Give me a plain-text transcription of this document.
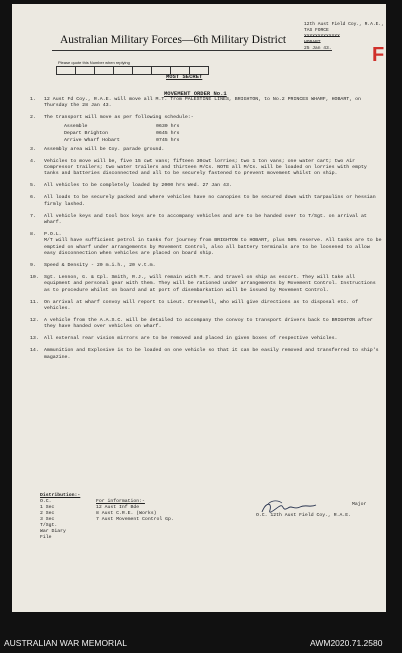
Australian Military Forces—6th Military District
Please quote this Number when replying
12th Aust Field Coy., R.A.E.,
TAS FORCE
XXXXXXXXXXXXX
HOBART
25 Jan 43.	F
MOST SECRET
MOVEMENT ORDER No.1
1.	12 Aust Fd Coy., R.A.E. will move all M.T. from PALESTINE LINES, BRIGHTON, to No.2 PRINCES WHARF, HOBART, on Thursday the 28 Jan 43.
2.	The transport will move as per following schedule:-
Assemble	0630 hrs
Depart Brighton	0645 hrs
Arrive Wharf Hobart	0745 hrs
3.	Assembly area will be Coy. parade ground.
4.	Vehicles to move will be, five 15 cwt vans; fifteen 30cwt lorries; two 1 ton vans; one water cart; two Air Compressor trailers; two water trailers and thirteen M/Cs. NOTE all M/Cs. will be loaded on lorries with empty tanks and batteries disconnected and all to be securely fastened to prevent movement whilst on ship.
5.	All vehicles to be completely loaded by 2000 hrs Wed. 27 Jan 43.
6.	All loads to be securely packed and where vehicles have no canopies to be secured down with tarpaulins or hessian firmly lashed.
7.	All vehicle keys and tool box keys are to accompany vehicles and are to be handed over to T/Sgt. on arrival at wharf.
8.	P.O.L.
M/T will have sufficient petrol in tanks for journey from BRIGHTON to HOBART, plus 50% reserve. All tanks are to be emptied on wharf under arrangements by Movement Control, also all battery terminals are to be loosened to allow easy disconnection when vehicles are placed on board ship.
9.	Speed & Density - 20 m.i.h., 20 v.t.m.
10.	Sgt. Lennon, G. & Cpl. Smith, R.J., will remain with M.T. and travel on ship as escort. They will take all equipment and personal gear with them. They will be rationed under arrangements by Movement Control. Instructions as to procedure whilst on board and at port of disembarkation will be issued by Movement Control.
11.	On arrival at wharf convoy will report to Lieut. Cresswell, who will give directions as to disposal etc. of vehicles.
12.	A vehicle from the A.A.S.C. will be detailed to accompany the convoy to transport drivers back to BRIGHTON after they have handed over vehicles on wharf.
13.	All external rear vision mirrors are to be removed and placed in given boxes of respective vehicles.
14.	Ammunition and Explosive is to be loaded on one vehicle so that it can be easily removed and transferred to ship's magazine.
Distribution:-
O.C.
1 Sec
2 Sec
3 Sec
T/Sgt.
War Diary
File
For information:-
12 Aust Inf Bde
8 Aust C.R.E. (Works)
7 Aust Movement Control Gp.
Major
O.C. 12th Aust Field Coy., R.A.E.
AUSTRALIAN WAR MEMORIAL	AWM2020.71.2580
